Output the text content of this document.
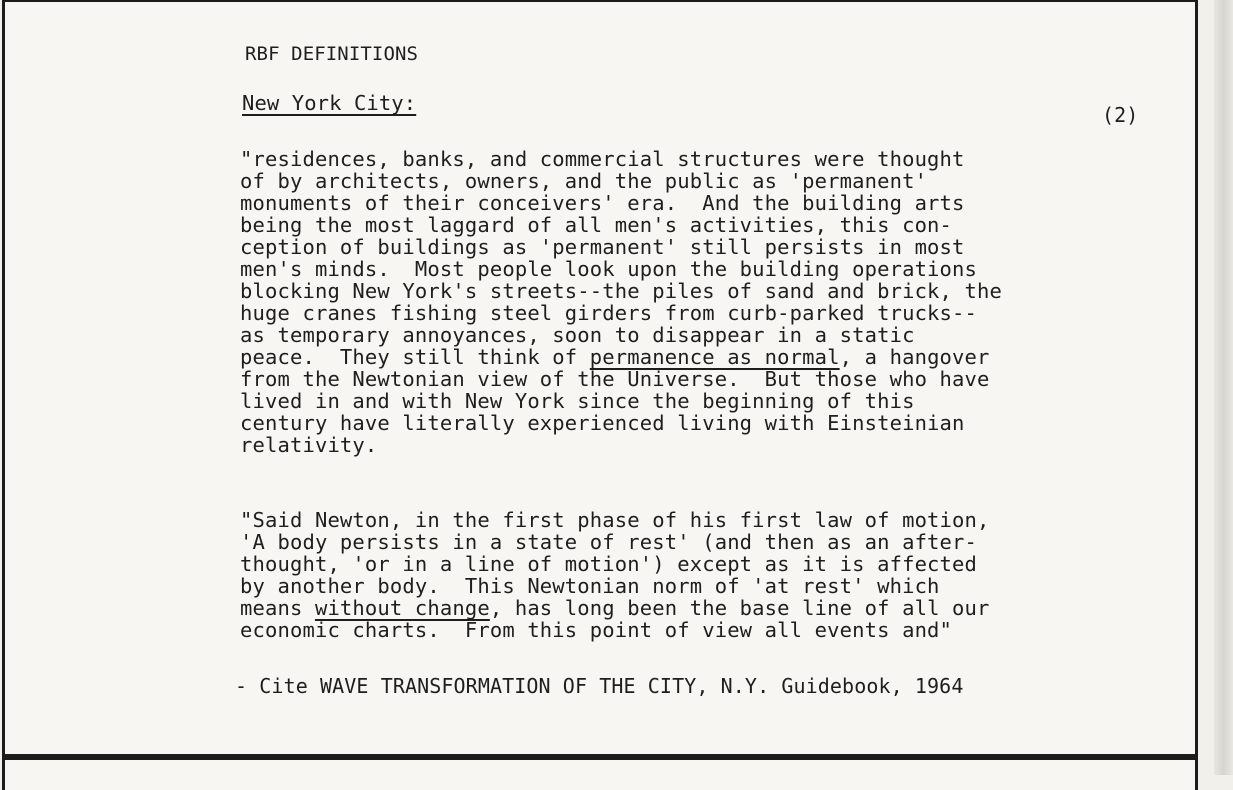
RBF DEFINITIONS
New York City:	(2)
"residences, banks, and commercial structures were thought
of by architects, owners, and the public as 'permanent'
monuments of their conceivers' era.  And the building arts
being the most laggard of all men's activities, this con-
ception of buildings as 'permanent' still persists in most
men's minds.  Most people look upon the building operations
blocking New York's streets--the piles of sand and brick, the
huge cranes fishing steel girders from curb-parked trucks--
as temporary annoyances, soon to disappear in a static
peace.  They still think of permanence as normal, a hangover
from the Newtonian view of the Universe.  But those who have
lived in and with New York since the beginning of this
century have literally experienced living with Einsteinian
relativity.
"Said Newton, in the first phase of his first law of motion,
'A body persists in a state of rest' (and then as an after-
thought, 'or in a line of motion') except as it is affected
by another body.  This Newtonian norm of 'at rest' which
means without change, has long been the base line of all our
economic charts.  From this point of view all events and"
- Cite WAVE TRANSFORMATION OF THE CITY, N.Y. Guidebook, 1964
